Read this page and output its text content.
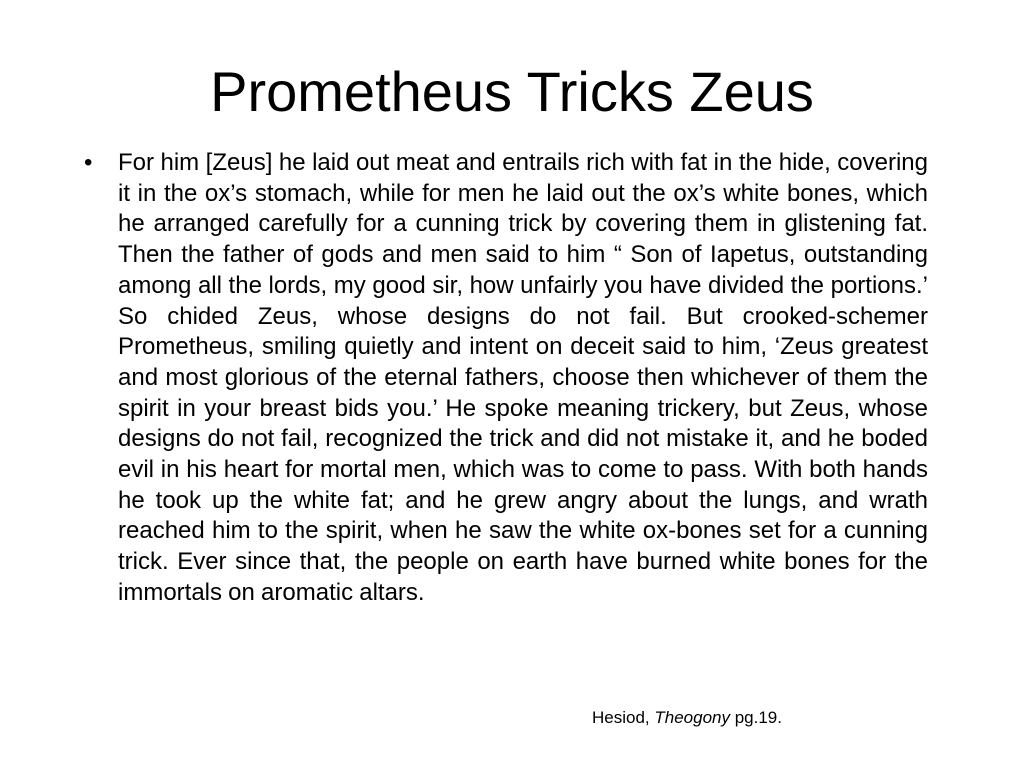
Prometheus Tricks Zeus
• For him [Zeus] he laid out meat and entrails rich with fat in the hide, covering it in the ox’s stomach, while for men he laid out the ox’s white bones, which he arranged carefully for a cunning trick by covering them in glistening fat. Then the father of gods and men said to him “ Son of Iapetus, outstanding among all the lords, my good sir, how unfairly you have divided the portions.’ So chided Zeus, whose designs do not fail. But crooked-schemer Prometheus, smiling quietly and intent on deceit said to him, ‘Zeus greatest and most glorious of the eternal fathers, choose then whichever of them the spirit in your breast bids you.’ He spoke meaning trickery, but Zeus, whose designs do not fail, recognized the trick and did not mistake it, and he boded evil in his heart for mortal men, which was to come to pass. With both hands he took up the white fat; and he grew angry about the lungs, and wrath reached him to the spirit, when he saw the white ox-bones set for a cunning trick. Ever since that, the people on earth have burned white bones for the immortals on aromatic altars.

Hesiod, Theogony pg.19.
